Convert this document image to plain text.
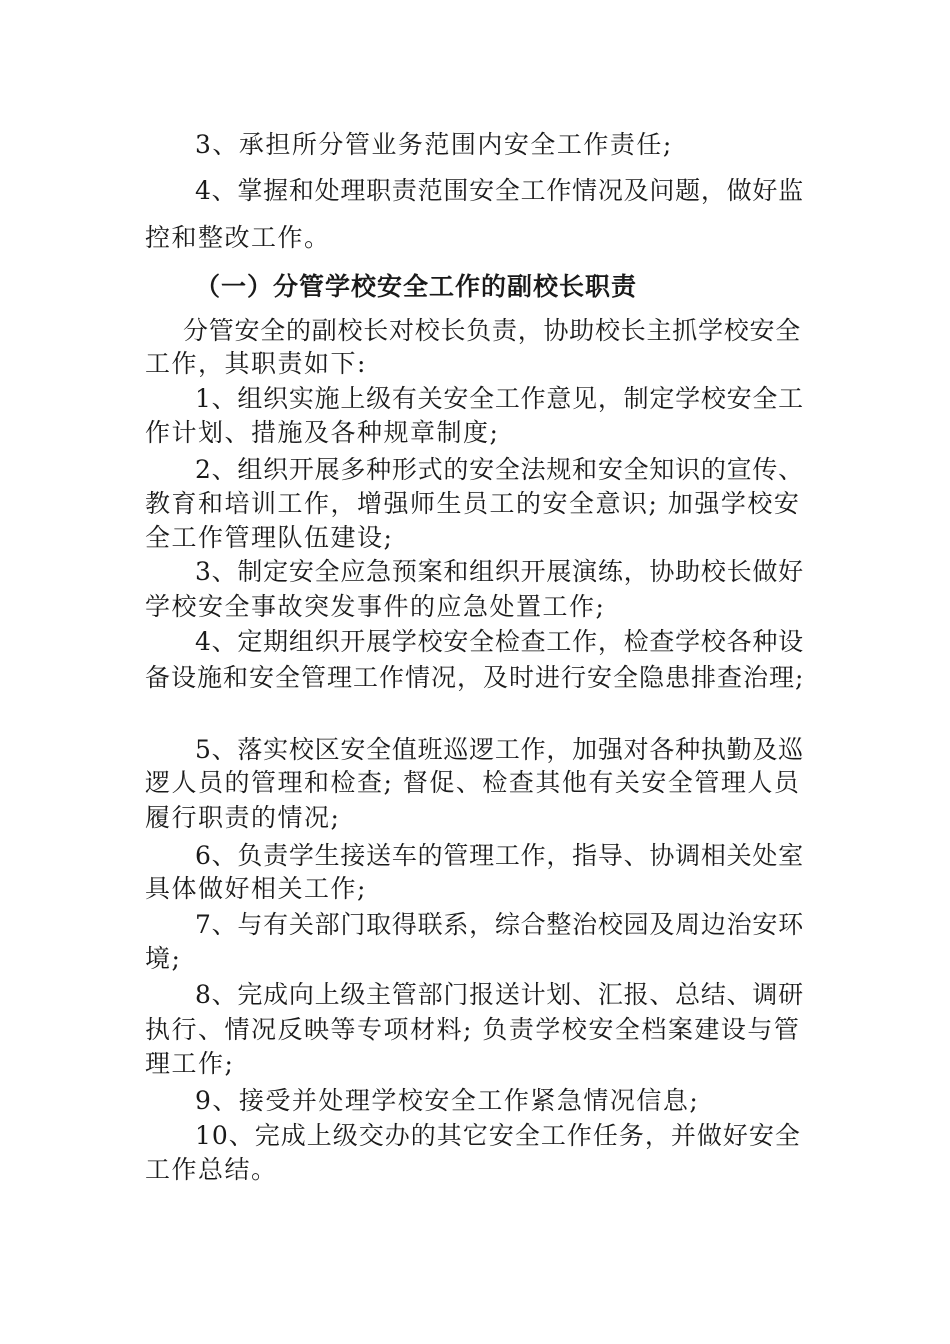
3、承担所分管业务范围内安全工作责任;
4、掌握和处理职责范围安全工作情况及问题，做好监
控和整改工作。
（一）分管学校安全工作的副校长职责
分管安全的副校长对校长负责，协助校长主抓学校安全
工作，其职责如下:
1、组织实施上级有关安全工作意见，制定学校安全工
作计划、措施及各种规章制度;
2、组织开展多种形式的安全法规和安全知识的宣传、
教育和培训工作，增强师生员工的安全意识; 加强学校安
全工作管理队伍建设;
3、制定安全应急预案和组织开展演练，协助校长做好
学校安全事故突发事件的应急处置工作;
4、定期组织开展学校安全检查工作，检查学校各种设
备设施和安全管理工作情况，及时进行安全隐患排查治理;
5、落实校区安全值班巡逻工作，加强对各种执勤及巡
逻人员的管理和检查; 督促、检查其他有关安全管理人员
履行职责的情况;
6、负责学生接送车的管理工作，指导、协调相关处室
具体做好相关工作;
7、与有关部门取得联系，综合整治校园及周边治安环
境;
8、完成向上级主管部门报送计划、汇报、总结、调研
执行、情况反映等专项材料; 负责学校安全档案建设与管
理工作;
9、接受并处理学校安全工作紧急情况信息;
10、完成上级交办的其它安全工作任务，并做好安全
工作总结。
